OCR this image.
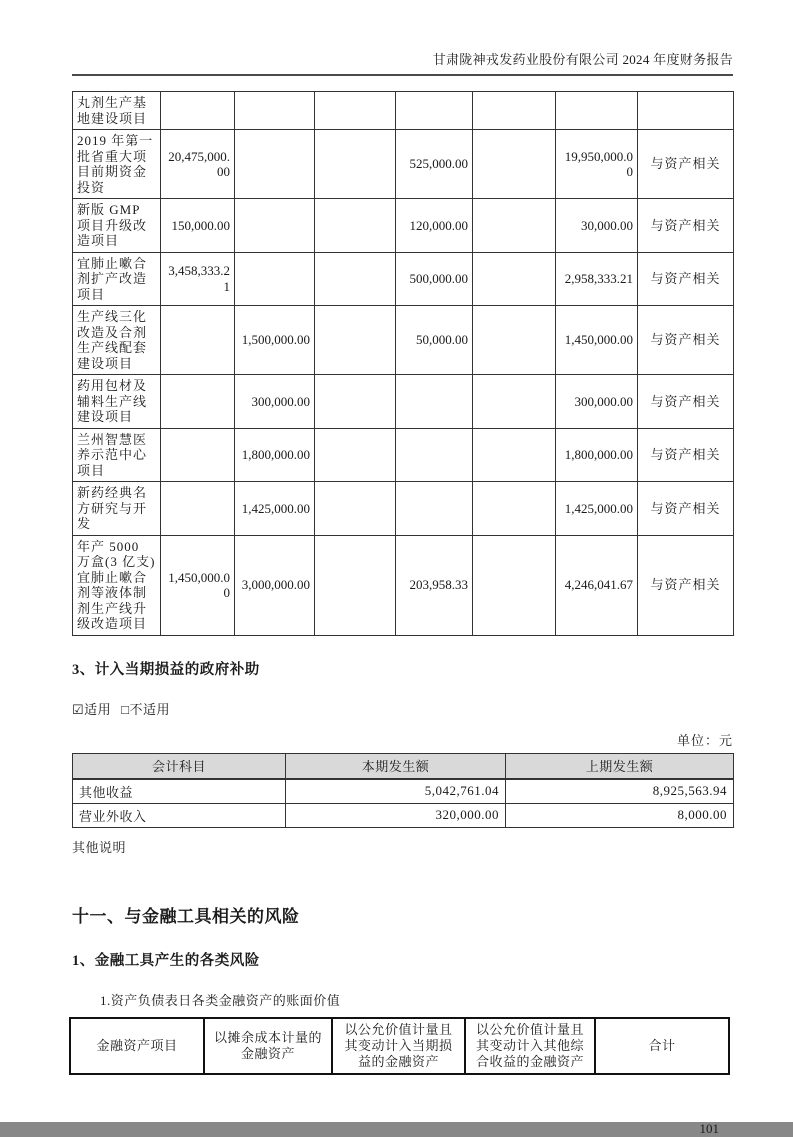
甘肃陇神戎发药业股份有限公司 2024 年度财务报告
丸剂生产基地建设项目							
2019 年第一批省重大项目前期资金投资	20,475,000.00			525,000.00		19,950,000.00	与资产相关
新版 GMP 项目升级改造项目	150,000.00			120,000.00		30,000.00	与资产相关
宜肺止嗽合剂扩产改造项目	3,458,333.21			500,000.00		2,958,333.21	与资产相关
生产线三化改造及合剂生产线配套建设项目		1,500,000.00		50,000.00		1,450,000.00	与资产相关
药用包材及辅料生产线建设项目		300,000.00				300,000.00	与资产相关
兰州智慧医养示范中心项目		1,800,000.00				1,800,000.00	与资产相关
新药经典名方研究与开发		1,425,000.00				1,425,000.00	与资产相关
年产 5000 万盒(3 亿支)宜肺止嗽合剂等液体制剂生产线升级改造项目	1,450,000.00	3,000,000.00		203,958.33		4,246,041.67	与资产相关
3、计入当期损益的政府补助
☑适用 □不适用
单位：元
会计科目	本期发生额	上期发生额
其他收益	5,042,761.04	8,925,563.94
营业外收入	320,000.00	8,000.00
其他说明
十一、与金融工具相关的风险
1、金融工具产生的各类风险
1.资产负债表日各类金融资产的账面价值
金融资产项目	以摊余成本计量的金融资产	以公允价值计量且其变动计入当期损益的金融资产	以公允价值计量且其变动计入其他综合收益的金融资产	合计
101
